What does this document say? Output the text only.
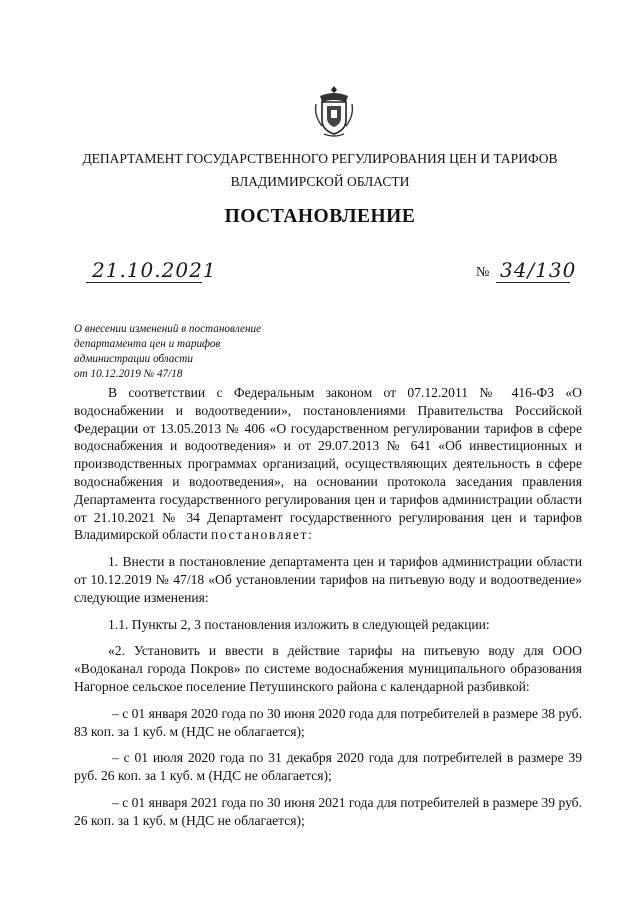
ДЕПАРТАМЕНТ ГОСУДАРСТВЕННОГО РЕГУЛИРОВАНИЯ ЦЕН И ТАРИФОВ
ВЛАДИМИРСКОЙ ОБЛАСТИ
ПОСТАНОВЛЕНИЕ
21.10.2021	№ 34/130
О внесении изменений в постановление
департамента цен и тарифов
администрации области
от 10.12.2019 № 47/18

В соответствии с Федеральным законом от 07.12.2011 № 416-ФЗ «О водоснабжении и водоотведении», постановлениями Правительства Российской Федерации от 13.05.2013 № 406 «О государственном регулировании тарифов в сфере водоснабжения и водоотведения» и от 29.07.2013 № 641 «Об инвестиционных и производственных программах организаций, осуществляющих деятельность в сфере водоснабжения и водоотведения», на основании протокола заседания правления Департамента государственного регулирования цен и тарифов администрации области от 21.10.2021 № 34 Департамент государственного регулирования цен и тарифов Владимирской области постановляет:

1. Внести в постановление департамента цен и тарифов администрации области от 10.12.2019 № 47/18 «Об установлении тарифов на питьевую воду и водоотведение» следующие изменения:

1.1. Пункты 2, 3 постановления изложить в следующей редакции:

«2. Установить и ввести в действие тарифы на питьевую воду для ООО «Водоканал города Покров» по системе водоснабжения муниципального образования Нагорное сельское поселение Петушинского района с календарной разбивкой:

– с 01 января 2020 года по 30 июня 2020 года для потребителей в размере 38 руб. 83 коп. за 1 куб. м (НДС не облагается);

– с 01 июля 2020 года по 31 декабря 2020 года для потребителей в размере 39 руб. 26 коп. за 1 куб. м (НДС не облагается);

– с 01 января 2021 года по 30 июня 2021 года для потребителей в размере 39 руб. 26 коп. за 1 куб. м (НДС не облагается);
